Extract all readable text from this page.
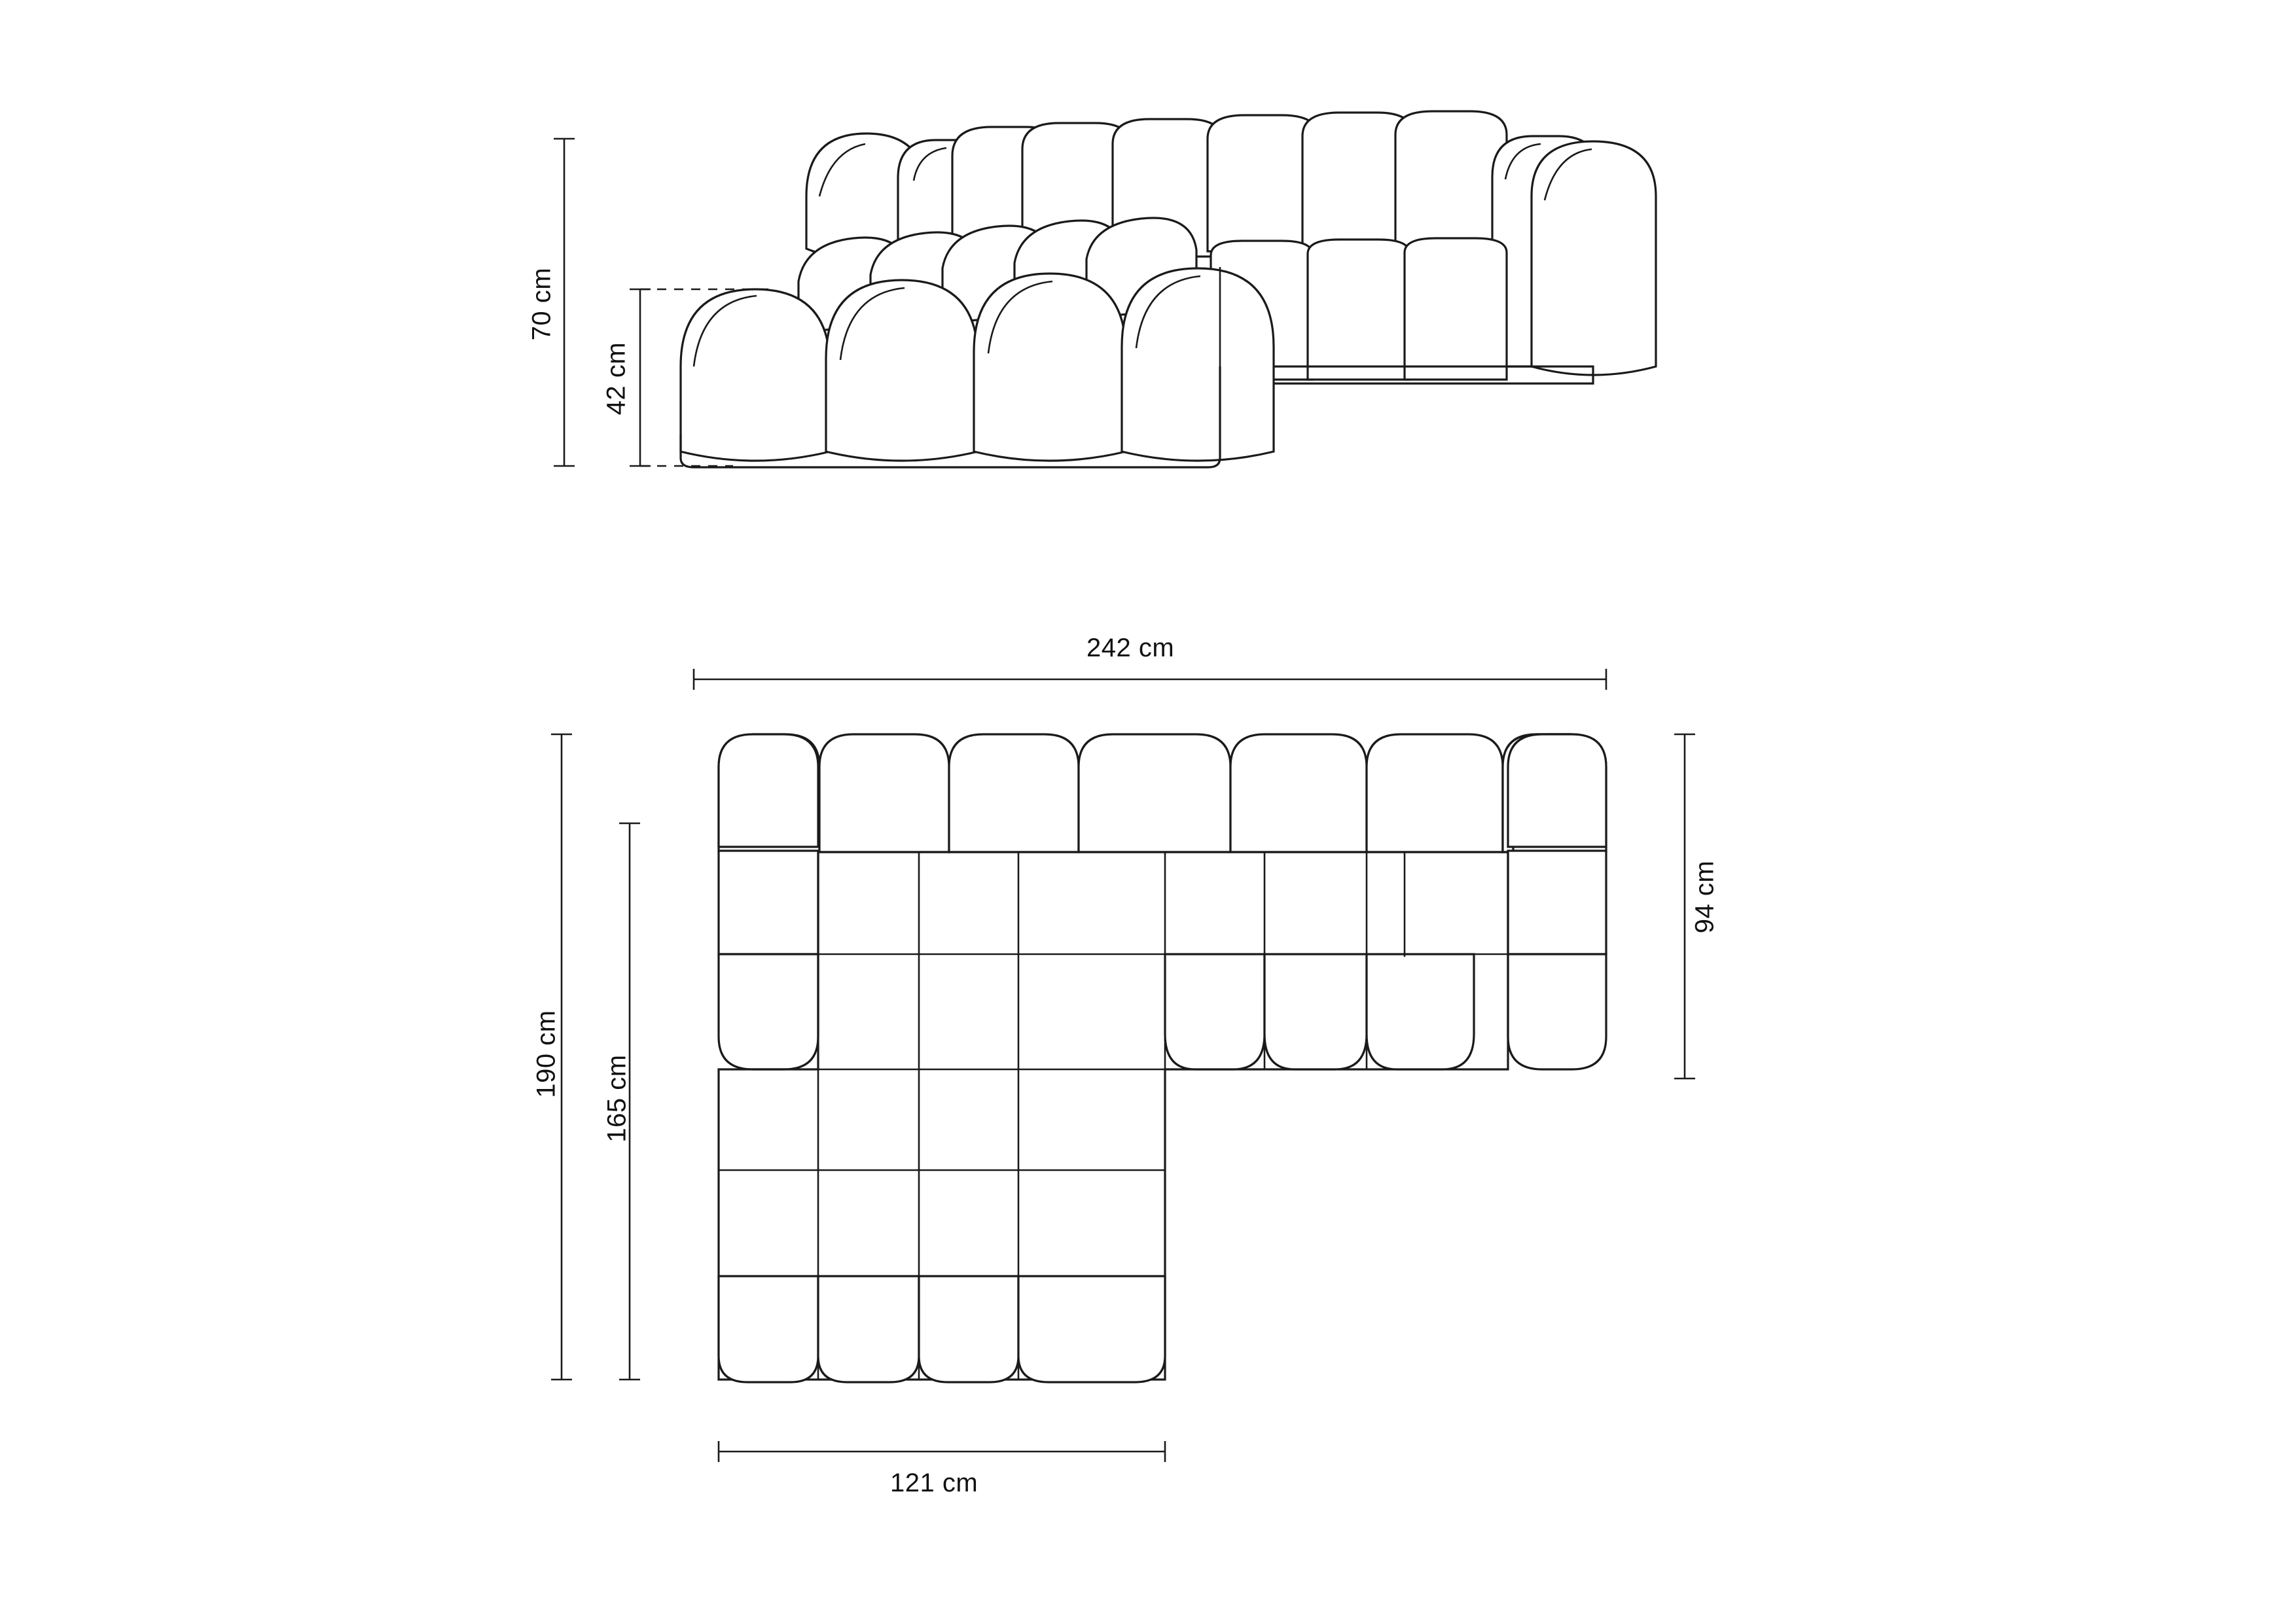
70 cm
42 cm
242 cm
190 cm
165 cm
94 cm
121 cm
